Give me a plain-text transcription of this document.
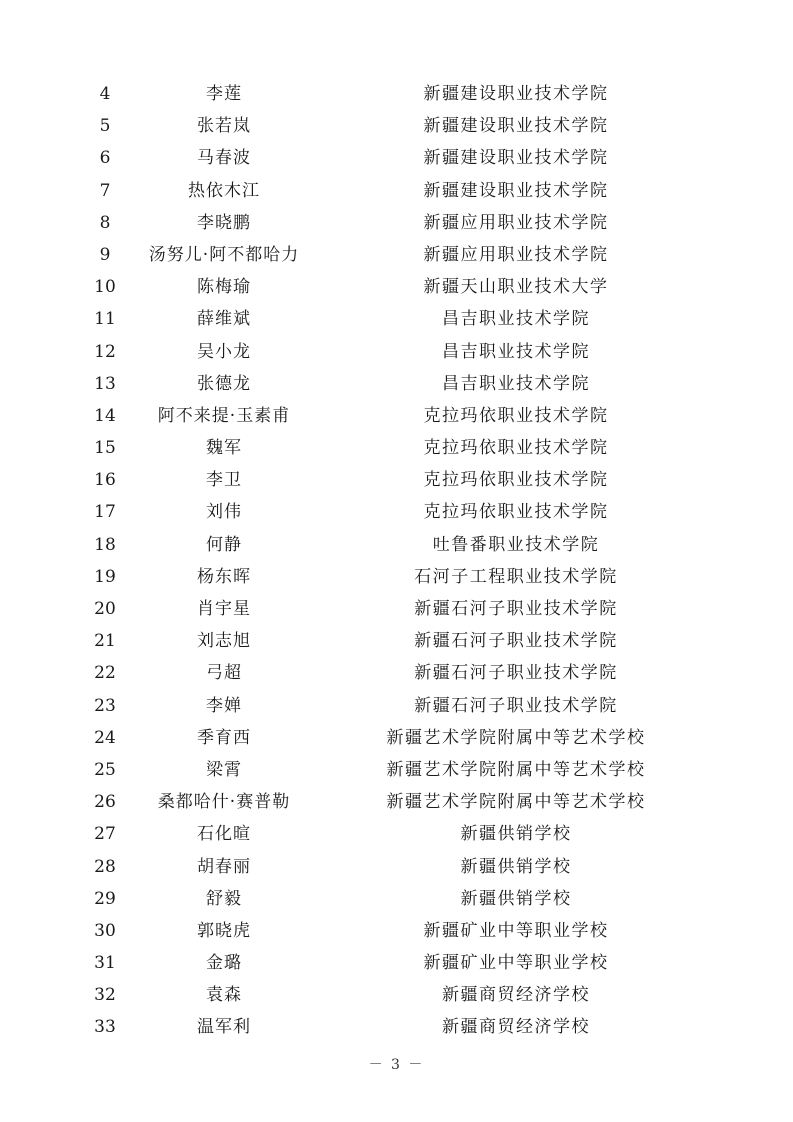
4	李莲	新疆建设职业技术学院
5	张若岚	新疆建设职业技术学院
6	马春波	新疆建设职业技术学院
7	热依木江	新疆建设职业技术学院
8	李晓鹏	新疆应用职业技术学院
9	汤努儿·阿不都哈力	新疆应用职业技术学院
10	陈梅瑜	新疆天山职业技术大学
11	薛维斌	昌吉职业技术学院
12	吴小龙	昌吉职业技术学院
13	张德龙	昌吉职业技术学院
14	阿不来提·玉素甫	克拉玛依职业技术学院
15	魏军	克拉玛依职业技术学院
16	李卫	克拉玛依职业技术学院
17	刘伟	克拉玛依职业技术学院
18	何静	吐鲁番职业技术学院
19	杨东晖	石河子工程职业技术学院
20	肖宇星	新疆石河子职业技术学院
21	刘志旭	新疆石河子职业技术学院
22	弓超	新疆石河子职业技术学院
23	李婵	新疆石河子职业技术学院
24	季育西	新疆艺术学院附属中等艺术学校
25	梁霄	新疆艺术学院附属中等艺术学校
26	桑都哈什·赛普勒	新疆艺术学院附属中等艺术学校
27	石化暄	新疆供销学校
28	胡春丽	新疆供销学校
29	舒毅	新疆供销学校
30	郭晓虎	新疆矿业中等职业学校
31	金璐	新疆矿业中等职业学校
32	袁森	新疆商贸经济学校
33	温军利	新疆商贸经济学校
－ 3 －
